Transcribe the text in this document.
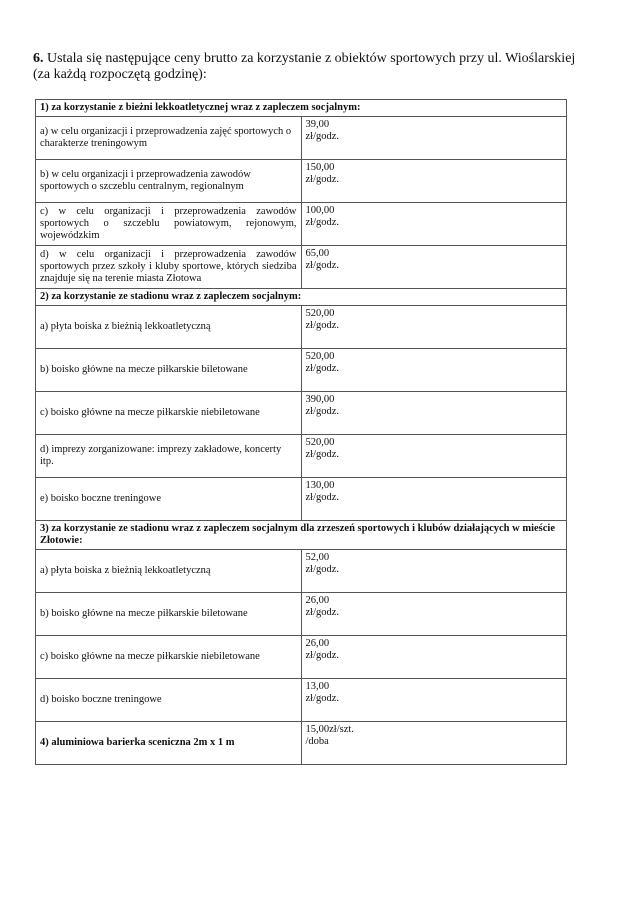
6. Ustala się następujące ceny brutto za korzystanie z obiektów sportowych przy ul. Wioślarskiej (za każdą rozpoczętą godzinę):

1) za korzystanie z bieżni lekkoatletycznej wraz z zapleczem socjalnym:	
a) w celu organizacji i przeprowadzenia zajęć sportowych o charakterze treningowym	39,00
zł/godz.
b) w celu organizacji i przeprowadzenia zawodów sportowych o szczeblu centralnym, regionalnym	150,00
zł/godz.
c) w celu organizacji i przeprowadzenia zawodów sportowych o szczeblu powiatowym, rejonowym, wojewódzkim	100,00
zł/godz.
d) w celu organizacji i przeprowadzenia zawodów sportowych przez szkoły i kluby sportowe, których siedziba znajduje się na terenie miasta Złotowa	65,00
zł/godz.
2) za korzystanie ze stadionu wraz z zapleczem socjalnym:	
a) płyta boiska z bieżnią lekkoatletyczną	520,00
zł/godz.
b) boisko główne na mecze piłkarskie biletowane	520,00
zł/godz.
c) boisko główne na mecze piłkarskie niebiletowane	390,00
zł/godz.
d) imprezy zorganizowane: imprezy zakładowe, koncerty itp.	520,00
zł/godz.
e) boisko boczne treningowe	130,00
zł/godz.
3) za korzystanie ze stadionu wraz z zapleczem socjalnym dla zrzeszeń sportowych i klubów działających w mieście Złotowie:	
a) płyta boiska z bieżnią lekkoatletyczną	52,00
zł/godz.
b) boisko główne na mecze piłkarskie biletowane	26,00
zł/godz.
c) boisko główne na mecze piłkarskie niebiletowane	26,00
zł/godz.
d) boisko boczne treningowe	13,00
zł/godz.
4) aluminiowa barierka sceniczna 2m x 1 m	15,00zł/szt.
/doba
